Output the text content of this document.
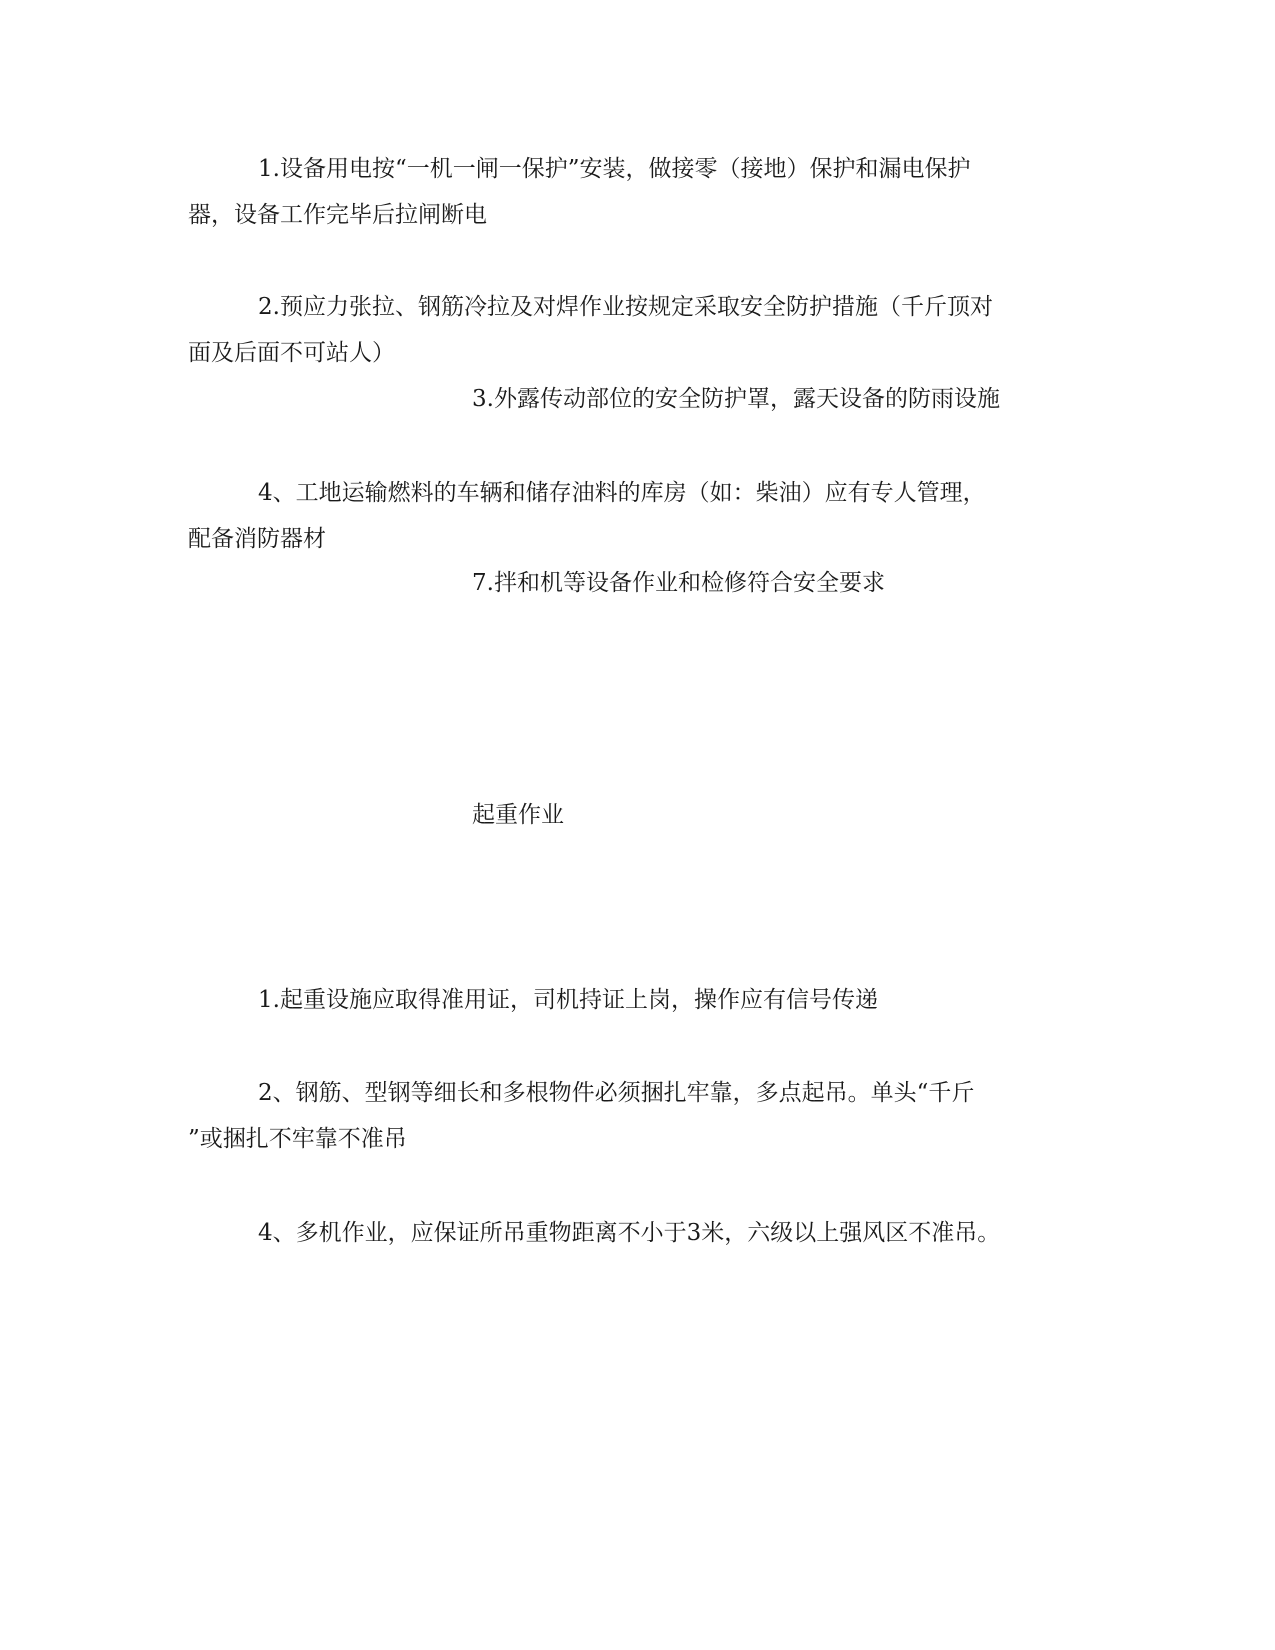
1.设备用电按“一机一闸一保护”安装，做接零（接地）保护和漏电保护
器，设备工作完毕后拉闸断电

2.预应力张拉、钢筋冷拉及对焊作业按规定采取安全防护措施（千斤顶对
面及后面不可站人）

3.外露传动部位的安全防护罩，露天设备的防雨设施

4、工地运输燃料的车辆和储存油料的库房（如：柴油）应有专人管理，
配备消防器材

7.拌和机等设备作业和检修符合安全要求

起重作业

1.起重设施应取得准用证，司机持证上岗，操作应有信号传递

2、钢筋、型钢等细长和多根物件必须捆扎牢靠，多点起吊。单头“千斤
”或捆扎不牢靠不准吊

4、多机作业，应保证所吊重物距离不小于3米，六级以上强风区不准吊。
